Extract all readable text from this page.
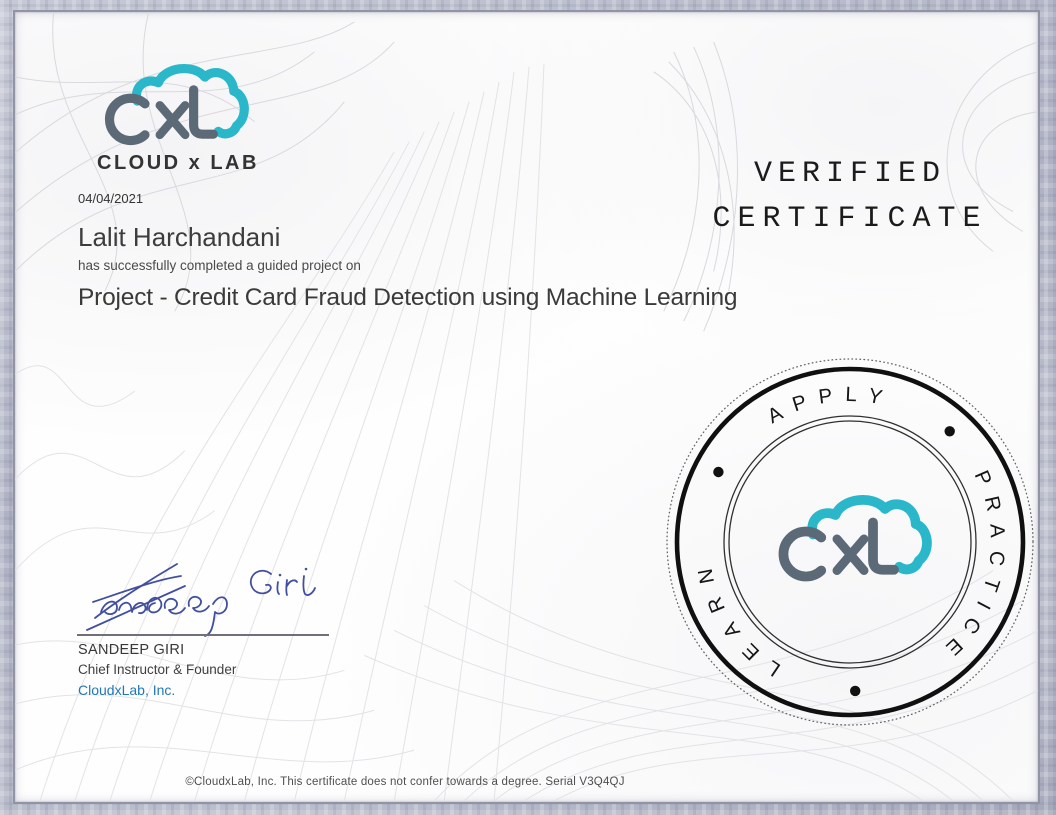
CLOUD x LAB
04/04/2021
Lalit Harchandani
has successfully completed a guided project on
Project - Credit Card Fraud Detection using Machine Learning
VERIFIED
CERTIFICATE
APPLY
PRACTICE
LEARN
SANDEEP GIRI
Chief Instructor & Founder
CloudxLab, Inc.
©CloudxLab, Inc. This certificate does not confer towards a degree. Serial V3Q4QJ
